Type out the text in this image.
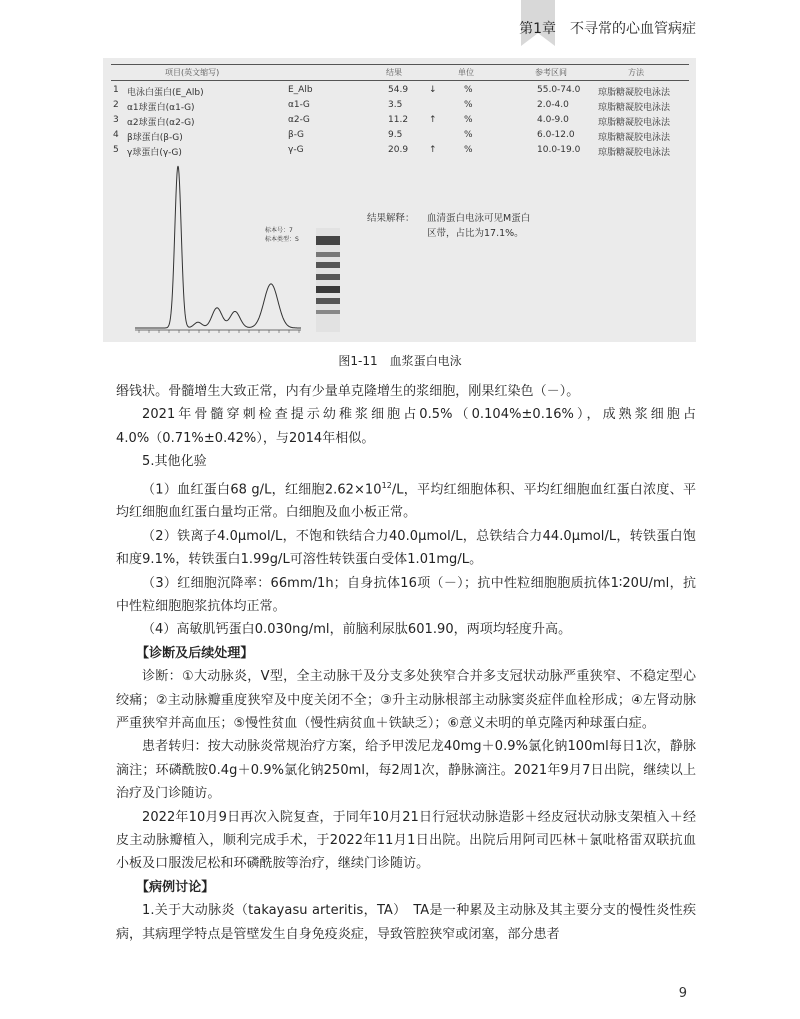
第1章　不寻常的心血管病症
项目(英文缩写)	结果	单位	参考区间	方法
1 电泳白蛋白(E_Alb)	E_Alb	54.9 ↓	%	55.0-74.0 琼脂糖凝胶电泳法
2 α1球蛋白(α1-G)	α1-G	3.5	%	2.0-4.0	琼脂糖凝胶电泳法
3 α2球蛋白(α2-G)	α2-G	11.2 ↑	%	4.0-9.0	琼脂糖凝胶电泳法
4 β球蛋白(β-G)	β-G	9.5	%	6.0-12.0	琼脂糖凝胶电泳法
5 γ球蛋白(γ-G)	γ-G	20.9 ↑	%	10.0-19.0 琼脂糖凝胶电泳法
结果解释： 血清蛋白电泳可见M蛋白
区带，占比为17.1%。
标本号：7
标本类型：S
图1-11　血浆蛋白电泳

缗钱状。骨髓增生大致正常，内有少量单克隆增生的浆细胞，刚果红染色（－）。

2021年骨髓穿刺检查提示幼稚浆细胞占0.5%（0.104%±0.16%），成熟浆细胞占4.0%（0.71%±0.42%），与2014年相似。

5.其他化验

（1）血红蛋白68 g/L，红细胞$2.62\times 10^{12}/L$，平均红细胞体积、平均红细胞血红蛋白浓度、平均红细胞血红蛋白量均正常。白细胞及血小板正常。

（2）铁离子4.0μmol/L，不饱和铁结合力40.0μmol/L，总铁结合力44.0μmol/L，转铁蛋白饱和度9.1%，转铁蛋白1.99g/L可溶性转铁蛋白受体1.01mg/L。

（3）红细胞沉降率：66mm/1h；自身抗体16项（－）；抗中性粒细胞胞质抗体1∶20U/ml，抗中性粒细胞胞浆抗体均正常。

（4）高敏肌钙蛋白0.030ng/ml，前脑利尿肽601.90，两项均轻度升高。

【诊断及后续处理】

诊断：①大动脉炎，V型，全主动脉干及分支多处狭窄合并多支冠状动脉严重狭窄、不稳定型心绞痛；②主动脉瓣重度狭窄及中度关闭不全；③升主动脉根部主动脉窦炎症伴血栓形成；④左肾动脉严重狭窄并高血压；⑤慢性贫血（慢性病贫血＋铁缺乏）；⑥意义未明的单克隆丙种球蛋白症。

患者转归：按大动脉炎常规治疗方案，给予甲泼尼龙40mg＋0.9%氯化钠100ml每日1次，静脉滴注；环磷酰胺0.4g＋0.9%氯化钠250ml，每2周1次，静脉滴注。2021年9月7日出院，继续以上治疗及门诊随访。

2022年10月9日再次入院复查，于同年10月21日行冠状动脉造影＋经皮冠状动脉支架植入＋经皮主动脉瓣植入，顺利完成手术，于2022年11月1日出院。出院后用阿司匹林＋氯吡格雷双联抗血小板及口服泼尼松和环磷酰胺等治疗，继续门诊随访。

【病例讨论】

1.关于大动脉炎（takayasu arteritis，TA）　TA是一种累及主动脉及其主要分支的慢性炎性疾病，其病理学特点是管壁发生自身免疫炎症，导致管腔狭窄或闭塞，部分患者

9
